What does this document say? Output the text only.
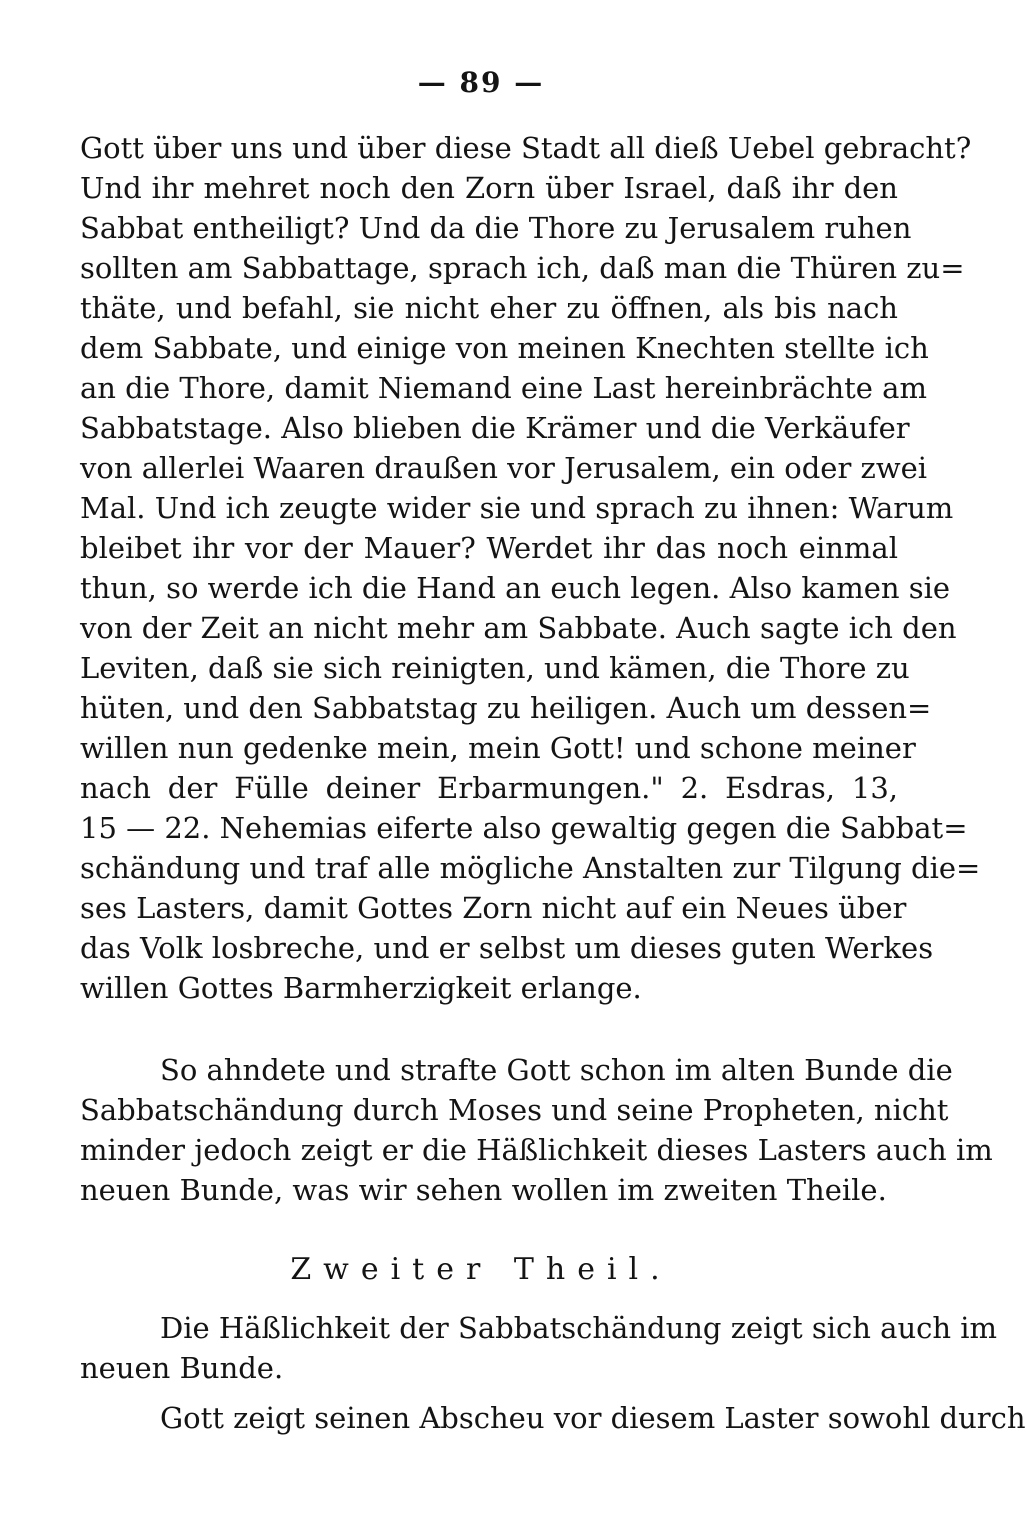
— 89 —
Gott über uns und über diese Stadt all dieß Uebel gebracht?
Und ihr mehret noch den Zorn über Israel, daß ihr den
Sabbat entheiligt? Und da die Thore zu Jerusalem ruhen
sollten am Sabbattage, sprach ich, daß man die Thüren zu=
thäte, und befahl, sie nicht eher zu öffnen, als bis nach
dem Sabbate, und einige von meinen Knechten stellte ich
an die Thore, damit Niemand eine Last hereinbrächte am
Sabbatstage. Also blieben die Krämer und die Verkäufer
von allerlei Waaren draußen vor Jerusalem, ein oder zwei
Mal. Und ich zeugte wider sie und sprach zu ihnen: Warum
bleibet ihr vor der Mauer? Werdet ihr das noch einmal
thun, so werde ich die Hand an euch legen. Also kamen sie
von der Zeit an nicht mehr am Sabbate. Auch sagte ich den
Leviten, daß sie sich reinigten, und kämen, die Thore zu
hüten, und den Sabbatstag zu heiligen. Auch um dessen=
willen nun gedenke mein, mein Gott! und schone meiner
nach der Fülle deiner Erbarmungen." 2. Esdras, 13,
15 — 22. Nehemias eiferte also gewaltig gegen die Sabbat=
schändung und traf alle mögliche Anstalten zur Tilgung die=
ses Lasters, damit Gottes Zorn nicht auf ein Neues über
das Volk losbreche, und er selbst um dieses guten Werkes
willen Gottes Barmherzigkeit erlange.
So ahndete und strafte Gott schon im alten Bunde die
Sabbatschändung durch Moses und seine Propheten, nicht
minder jedoch zeigt er die Häßlichkeit dieses Lasters auch im
neuen Bunde, was wir sehen wollen im zweiten Theile.
Zweiter Theil.
Die Häßlichkeit der Sabbatschändung zeigt sich auch im
neuen Bunde.
Gott zeigt seinen Abscheu vor diesem Laster sowohl durch
